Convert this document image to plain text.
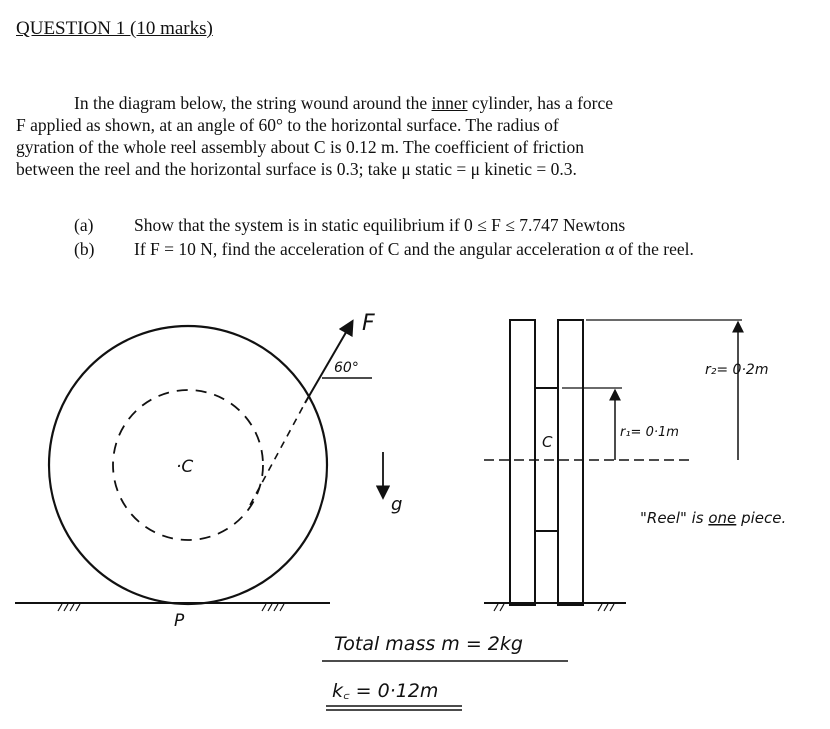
QUESTION 1 (10 marks)
In the diagram below, the string wound around the inner cylinder, has a force
F applied as shown, at an angle of 60° to the horizontal surface. The radius of
gyration of the whole reel assembly about C is 0.12 m. The coefficient of friction
between the reel and the horizontal surface is 0.3; take μ static = μ kinetic = 0.3.
(a) Show that the system is in static equilibrium if 0 ≤ F ≤ 7.747 Newtons
(b) If F = 10 N, find the acceleration of C and the angular acceleration α of the reel.
F
60°
·C
g
P
C
r₁= 0·1m
r₂= 0·2m
"Reel" is one piece.
Total mass m = 2kg
k꜀ = 0·12m
